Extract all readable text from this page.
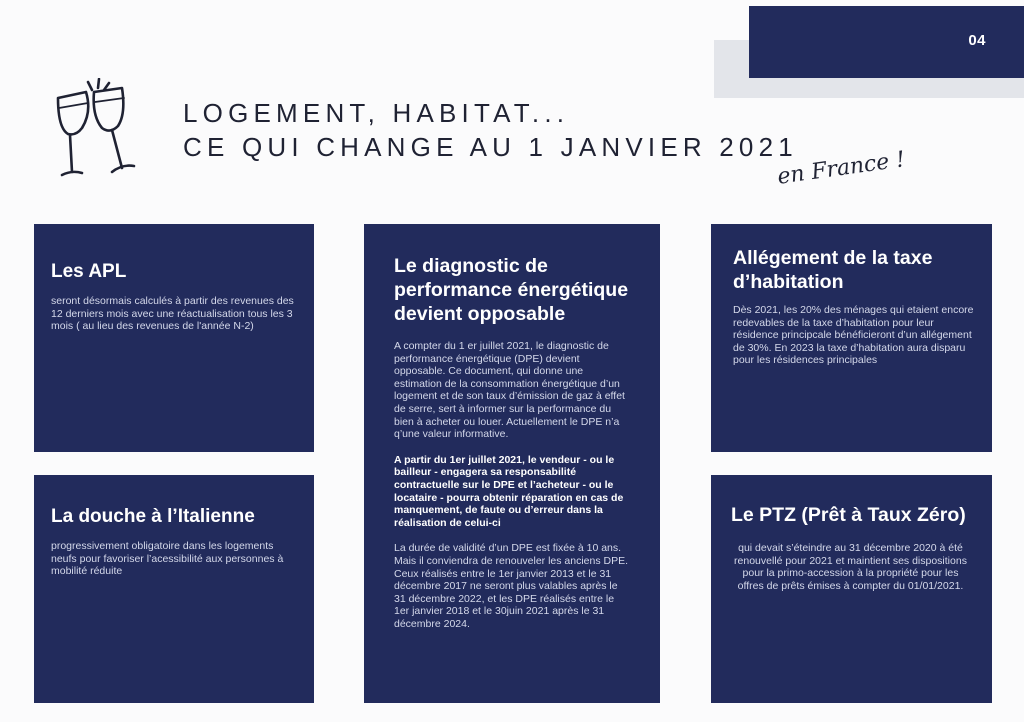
04
LOGEMENT, HABITAT...
CE QUI CHANGE AU 1 JANVIER 2021
en France !
Les APL

seront désormais calculés à partir des revenues des 12 derniers mois avec une réactualisation tous les 3 mois ( au lieu des revenues de l'année N-2)

La douche à l’Italienne

progressivement obligatoire dans les logements neufs pour favoriser l’acessibilité aux personnes à mobilité réduite

Le diagnostic de performance énergétique devient opposable

A compter du 1 er juillet 2021, le diagnostic de performance énergétique (DPE) devient opposable. Ce document, qui donne une estimation de la consommation énergétique d’un logement et de son taux d’émission de gaz à effet de serre, sert à informer sur la performance du bien à acheter ou louer. Actuellement le DPE n’a q’une valeur informative.

A partir du 1er juillet 2021, le vendeur - ou le bailleur - engagera sa responsabilité contractuelle sur le DPE et l’acheteur - ou le locataire - pourra obtenir réparation en cas de manquement, de faute ou d’erreur dans la réalisation de celui-ci

La durée de validité d’un DPE est fixée à 10 ans. Mais il conviendra de renouveler les anciens DPE. Ceux réalisés entre le 1er janvier 2013 et le 31 décembre 2017 ne seront plus valables après le 31 décembre 2022, et les DPE réalisés entre le 1er janvier 2018 et le 30juin 2021 après le 31 décembre 2024.

Allégement de la taxe d’habitation

Dès 2021, les 20% des ménages qui etaient encore redevables de la taxe d’habitation pour leur résidence principcale bénéficieront d’un allégement de 30%. En 2023 la taxe d’habitation aura disparu pour les résidences principales

Le PTZ (Prêt à Taux Zéro)

qui devait s’éteindre au 31 décembre 2020 à été renouvellé pour 2021 et maintient ses dispositions pour la primo-accession à la propriété pour les offres de prêts émises à compter du 01/01/2021.
